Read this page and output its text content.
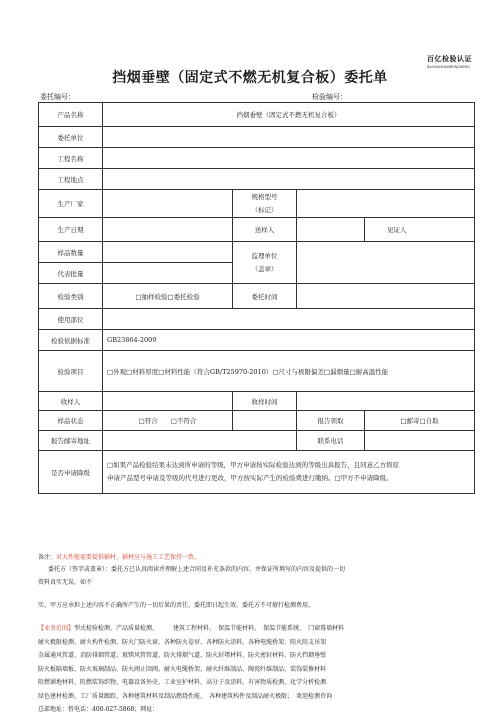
百亿检验认证
BAIYIJIANYANRENZHENG
挡烟垂壁（固定式不燃无机复合板）委托单
委托编号：	检验编号：
产品名称	挡烟垂壁（固定式不燃无机复合板）			
委托单位				
工程名称				
工程地点				
生产厂家		规格型号
（标记）		
生产日期		送样人		见证人
样品数量		监理单位
（盖章）		
代表批量				
检验类别	□抽样检验□委托检验	委托时间		
使用部位				
检验依据标准	GB23864-2009			
检验项目	□外观□材料厚度□材料性能（符合GB/T25970-2010）□尺寸与极限偏差□漏烟量□耐高温性能			
收样人		收样时间		
样品状态	□符合　　□不符合		报告领取	□邮寄□自取
报告邮寄地址			联系电话	
是否申请降级	□如果产品检验结果未达到所申请的等级，甲方申请按实际检验达到的等级出具报告，且同意乙方将原
申请产品型号申请及等级的代号进行更改，甲方按实际产生的检验费进行缴纳。□甲方不申请降级。			
备注：对大性能需要提供辅材、辅材应与施工工艺保持一致。
委托方（签字或盖章）：委托方已认真阅读并理解上述合同及补充条款的内容，并保证所填写的内容及提供的一切
资料真实无误，如不
实，甲方应承担上述内容不正确所产生的一切后果的责任，委托即日起生效，委托方不可擅行检测费用。
【业务范围】型式检验检测、产品质量检测、　　　	建筑工程材料、　 保温节能材料、　 保温节能系统、　 门窗幕墙材料
耐火极限检测、耐火构件检测、防火门防火窗、各种防火卷帘、各种防火涂料、各种电缆桥架、阻火阻支吊架
金属通风管道、消防排烟管道、玻镁风管管道、防火排烟气道、防火封堵材料、防火密封材料、防火挡烟垂壁
防火板隔墙板、防火玻璃制品、防火阀止回阀、耐火电缆桥架、耐火纤维制品、陶瓷纤维制品、装饰装修材料
阻燃铺地材料、阻燃装饰织物、电器设备外壳、工业室护材料、高分子及涂料、有害物质检测、化学分析检测
绿色建材检测、工厂质量跟踪、各种建筑材料及制品燃烧性能、　 各种建筑构件及制品耐火极限；　 欢迎检测咨询
总部地址：暂电话：400-027-5868；网址：
